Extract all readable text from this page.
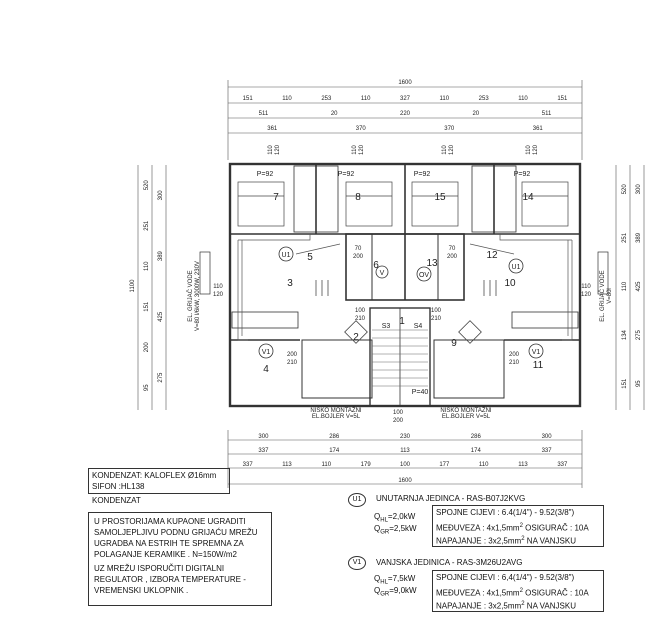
1600
151	110	253	110	327	110	253	110	151
511	20	220	20	511
361	370	370	361
110 120	110 120	110 120	110 120
300	286	230	286	300
337	174	113	174	337
337	113	110	179	100	177	110	113	337
1600
1100
520
251
110
151
200
95
300
389
425
275
520
251
110
134
151
300
389
425
275
95
7	8	15	14
5
6	13
12
3	10
1
2
9
4	11
P=92	P=92	P=92	P=92
P=40
S3	S4
U1
U1
V	OV
V1	V1
70
200
70
200
100
210
100
210
110
120
110
120
200
210
200
210
100
200
EL. GRIJAČ VODE V=80 l/6kW, 3000W, 230V	EL. GRIJAČ VODE V=80l
NISKO MONTAŽNI
EL.BOJLER V=5L
NISKO MONTAŽNI
EL.BOJLER V=5L
KONDENZAT: KALOFLEX Ø16mm
SIFON :HL138
KONDENZAT
U PROSTORIJAMA KUPAONE UGRADITI
SAMOLJEPLJIVU PODNU GRIJAĆU MREŽU
UGRADBA NA ESTRIH TE SPREMNA ZA
POLAGANJE KERAMIKE . N=150W/m2
UZ MREŽU ISPORUČITI DIGITALNI
REGULATOR , IZBORA TEMPERATURE -
VREMENSKI UKLOPNIK .
U1	UNUTARNJA JEDINCA - RAS-B07J2KVG
$Q_{HL}=2,0kW$
$Q_{GR}=2,5kW$
SPOJNE CIJEVI : 6.4(1/4") - 9.52(3/8")
MEĐUVEZA : $4x1,5mm^2$ OSIGURAČ : 10A
NAPAJANJE : $3x2,5mm^2$ NA VANJSKU
V1	VANJSKA JEDINICA - RAS-3M26U2AVG
$Q_{HL}=7,5kW$
$Q_{GR}=9,0kW$
SPOJNE CIJEVI : 6,4(1/4") - 9.52(3/8")
MEĐUVEZA : $4x1,5mm^2$ OSIGURAČ : 10A
NAPAJANJE : $3x2,5mm^2$ NA VANJSKU
